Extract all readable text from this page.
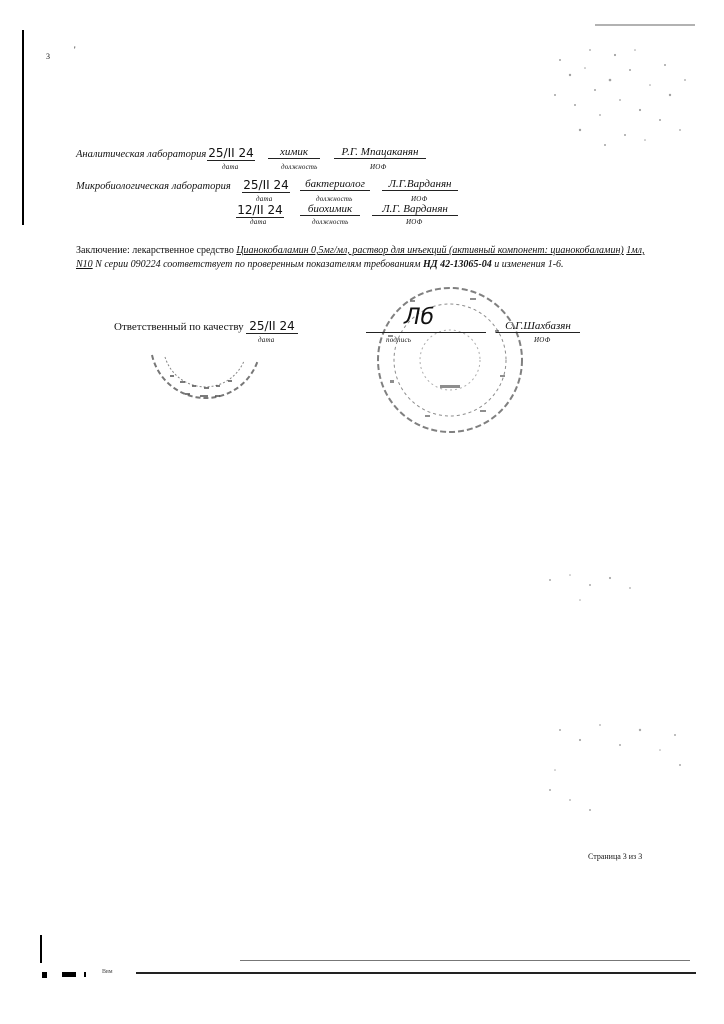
3
'
Аналитическая лаборатория 25/II 24
дата
химик
должность
Р.Г. Мпацаканян
ИОФ
Микробиологическая лаборатория 25/II 24
дата
бактериолог
должность
Л.Г.Варданян
ИОФ
12/II 24
дата
биохимик
должность
Л.Г. Варданян
ИОФ
Заключение: лекарственное средство Цианокобаламин 0,5мг/мл, раствор для инъекций (активный компонент: цианокобаламин) 1мл, N10 N серии 090224 соответствует по проверенным показателям требованиям НД 42-13065-04 и изменения 1-6.
Ответственный по качеству 25/II 24
дата
Лб
подпись
С.Г.Шахбазян
ИОФ
Страница 3 из 3
Ввм
